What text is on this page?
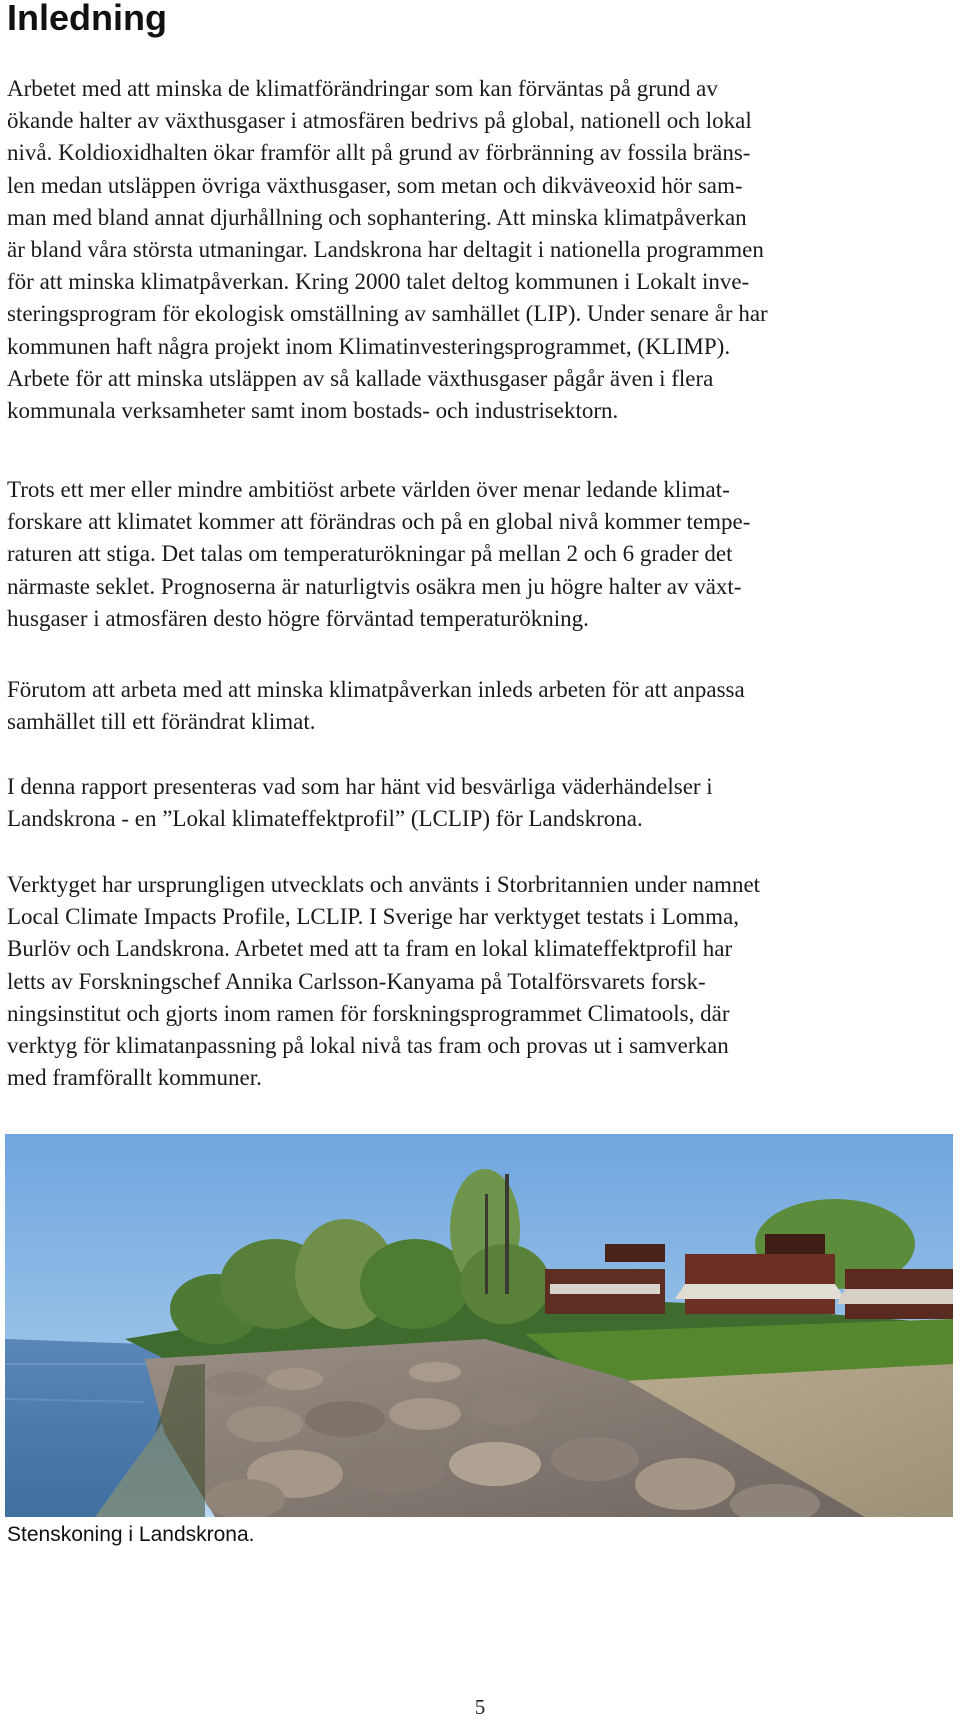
Inledning

Arbetet med att minska de klimatförändringar som kan förväntas på grund av
ökande halter av växthusgaser i atmosfären bedrivs på global, nationell och lokal
nivå. Koldioxidhalten ökar framför allt på grund av förbränning av fossila bräns-
len medan utsläppen övriga växthusgaser, som metan och dikväveoxid hör sam-
man med bland annat djurhållning och sophantering. Att minska klimatpåverkan
är bland våra största utmaningar. Landskrona har deltagit i nationella programmen
för att minska klimatpåverkan. Kring 2000 talet deltog kommunen i Lokalt inve-
steringsprogram för ekologisk omställning av samhället (LIP). Under senare år har
kommunen haft några projekt inom Klimatinvesteringsprogrammet, (KLIMP).
Arbete för att minska utsläppen av så kallade växthusgaser pågår även i flera
kommunala verksamheter samt inom bostads- och industrisektorn.

Trots ett mer eller mindre ambitiöst arbete världen över menar ledande klimat-
forskare att klimatet kommer att förändras och på en global nivå kommer tempe-
raturen att stiga. Det talas om temperaturökningar på mellan 2 och 6 grader det
närmaste seklet. Prognoserna är naturligtvis osäkra men ju högre halter av växt-
husgaser i atmosfären desto högre förväntad temperaturökning.

Förutom att arbeta med att minska klimatpåverkan inleds arbeten för att anpassa
samhället till ett förändrat klimat.

I denna rapport presenteras vad som har hänt vid besvärliga väderhändelser i
Landskrona - en ”Lokal klimateffektprofil” (LCLIP) för Landskrona.

Verktyget har ursprungligen utvecklats och använts i Storbritannien under namnet
Local Climate Impacts Profile, LCLIP. I Sverige har verktyget testats i Lomma,
Burlöv och Landskrona. Arbetet med att ta fram en lokal klimateffektprofil har
letts av Forskningschef Annika Carlsson-Kanyama på Totalförsvarets forsk-
ningsinstitut och gjorts inom ramen för forskningsprogrammet Climatools, där
verktyg för klimatanpassning på lokal nivå tas fram och provas ut i samverkan
med framförallt kommuner.

Stenskoning i Landskrona.

5
